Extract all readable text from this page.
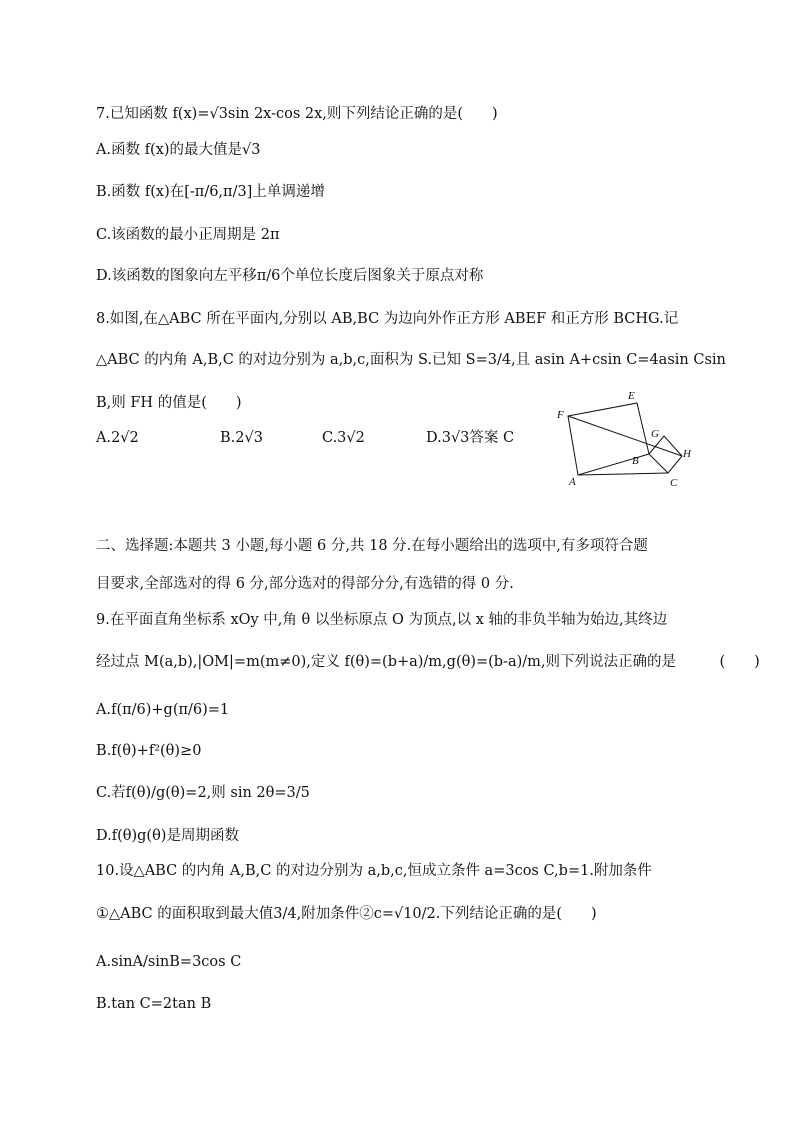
7.已知函数 f(x)=√3sin 2x-cos 2x,则下列结论正确的是(　　)
A.函数 f(x)的最大值是√3
B.函数 f(x)在[-π/6,π/3]上单调递增
C.该函数的最小正周期是 2π
D.该函数的图象向左平移π/6个单位长度后图象关于原点对称
8.如图,在△ABC 所在平面内,分别以 AB,BC 为边向外作正方形 ABEF 和正方形 BCHG.记
△ABC 的内角 A,B,C 的对边分别为 a,b,c,面积为 S.已知 S=3/4,且 asin A+csin C=4asin Csin
B,则 FH 的值是(　　)
A.2√2	B.2√3	C.3√2	D.3√3答案 C
F
E
G
B
H
A	C
二、选择题:本题共 3 小题,每小题 6 分,共 18 分.在每小题给出的选项中,有多项符合题
目要求,全部选对的得 6 分,部分选对的得部分分,有选错的得 0 分.
9.在平面直角坐标系 xOy 中,角 θ 以坐标原点 O 为顶点,以 x 轴的非负半轴为始边,其终边
经过点 M(a,b),|OM|=m(m≠0),定义 f(θ)=(b+a)/m,g(θ)=(b-a)/m,则下列说法正确的是　　　(　　)
A.f(π/6)+g(π/6)=1
B.f(θ)+f²(θ)≥0
C.若f(θ)/g(θ)=2,则 sin 2θ=3/5
D.f(θ)g(θ)是周期函数
10.设△ABC 的内角 A,B,C 的对边分别为 a,b,c,恒成立条件 a=3cos C,b=1.附加条件
①△ABC 的面积取到最大值3/4,附加条件②c=√10/2.下列结论正确的是(　　)
A.sinA/sinB=3cos C
B.tan C=2tan B
